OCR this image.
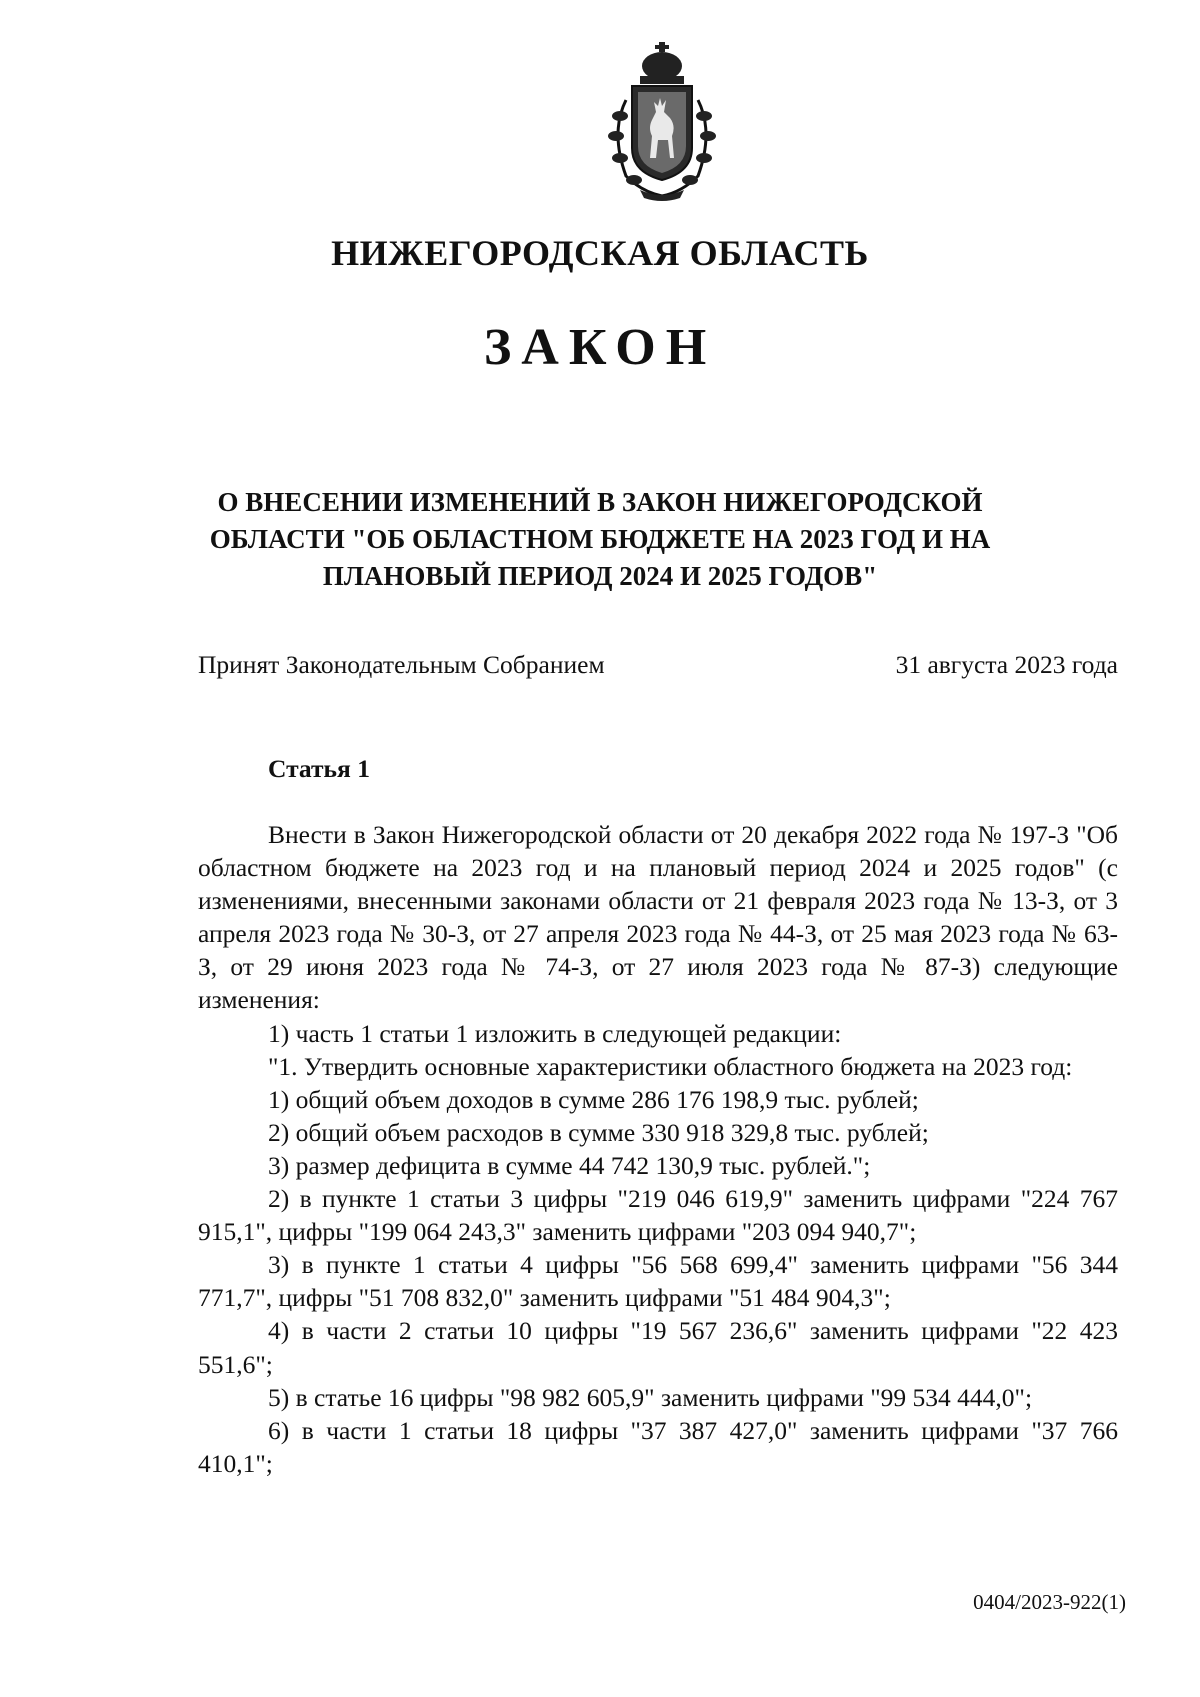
НИЖЕГОРОДСКАЯ ОБЛАСТЬ
ЗАКОН
О ВНЕСЕНИИ ИЗМЕНЕНИЙ В ЗАКОН НИЖЕГОРОДСКОЙ
ОБЛАСТИ "ОБ ОБЛАСТНОМ БЮДЖЕТЕ НА 2023 ГОД И НА
ПЛАНОВЫЙ ПЕРИОД 2024 И 2025 ГОДОВ"
Принят Законодательным Собранием	31 августа 2023 года
Статья 1

Внести в Закон Нижегородской области от 20 декабря 2022 года № 197-З "Об областном бюджете на 2023 год и на плановый период 2024 и 2025 годов" (с изменениями, внесенными законами области от 21 февраля 2023 года № 13-З, от 3 апреля 2023 года № 30-З, от 27 апреля 2023 года № 44-З, от 25 мая 2023 года № 63-З, от 29 июня 2023 года № 74-З, от 27 июля 2023 года № 87-З) следующие изменения:

1) часть 1 статьи 1 изложить в следующей редакции:

"1. Утвердить основные характеристики областного бюджета на 2023 год:

1) общий объем доходов в сумме 286 176 198,9 тыс. рублей;

2) общий объем расходов в сумме 330 918 329,8 тыс. рублей;

3) размер дефицита в сумме 44 742 130,9 тыс. рублей.";

2) в пункте 1 статьи 3 цифры "219 046 619,9" заменить цифрами "224 767 915,1", цифры "199 064 243,3" заменить цифрами "203 094 940,7";

3) в пункте 1 статьи 4 цифры "56 568 699,4" заменить цифрами "56 344 771,7", цифры "51 708 832,0" заменить цифрами "51 484 904,3";

4) в части 2 статьи 10 цифры "19 567 236,6" заменить цифрами "22 423 551,6";

5) в статье 16 цифры "98 982 605,9" заменить цифрами "99 534 444,0";

6) в части 1 статьи 18 цифры "37 387 427,0" заменить цифрами "37 766 410,1";

0404/2023-922(1)
